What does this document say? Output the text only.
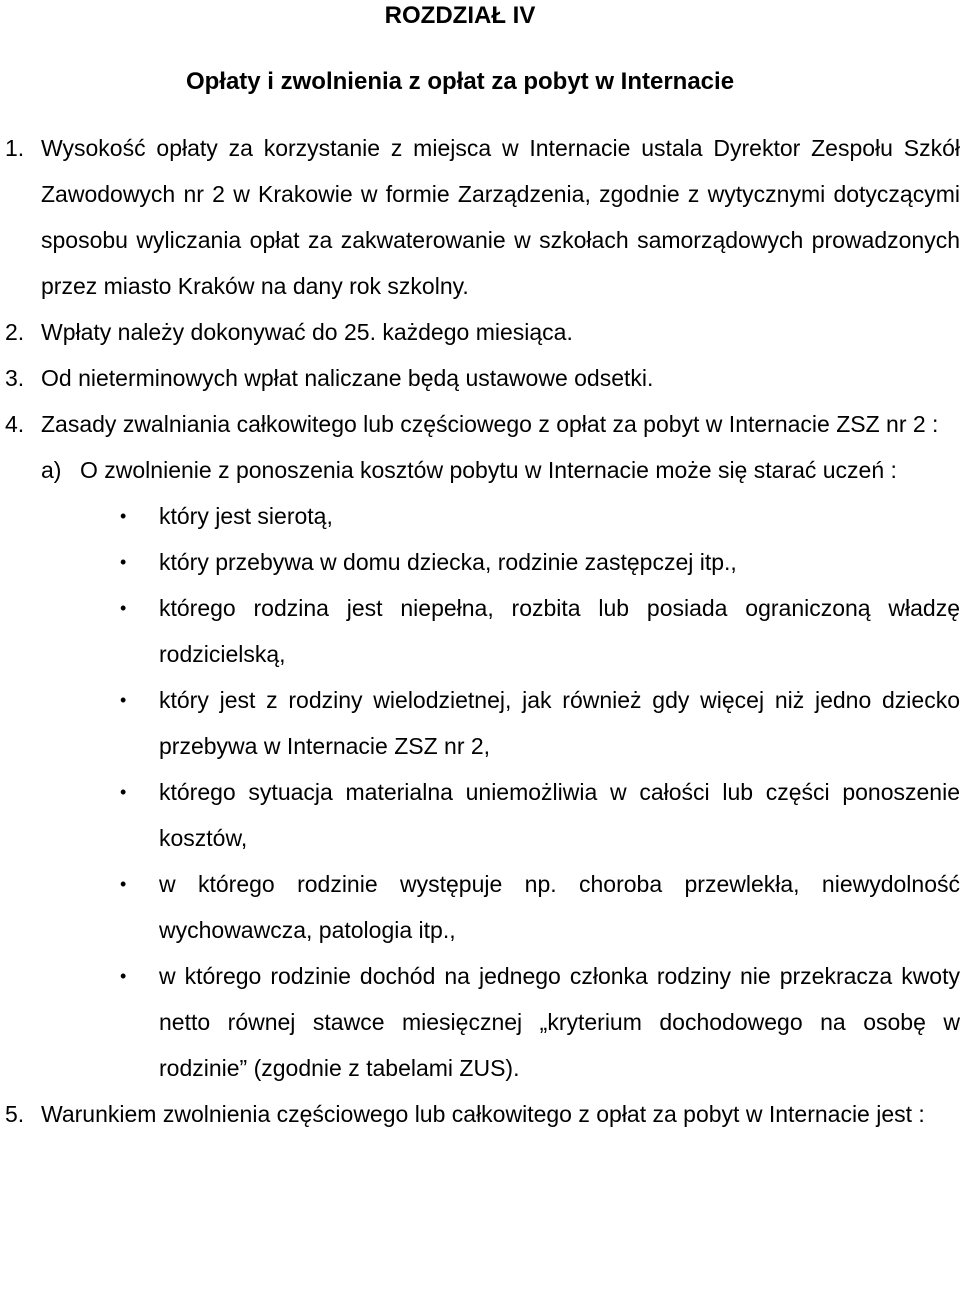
ROZDZIAŁ IV
Opłaty i zwolnienia z opłat za pobyt w Internacie

1. Wysokość opłaty za korzystanie z miejsca w Internacie ustala Dyrektor Zespołu Szkół Zawodowych nr 2 w Krakowie w formie Zarządzenia, zgodnie z wytycznymi dotyczącymi sposobu wyliczania opłat za zakwaterowanie w szkołach samorządowych prowadzonych przez miasto Kraków na dany rok szkolny.

2. Wpłaty należy dokonywać do 25. każdego miesiąca.

3. Od nieterminowych wpłat naliczane będą ustawowe odsetki.

4. Zasady zwalniania całkowitego lub częściowego z opłat za pobyt w Internacie ZSZ nr 2 :

a) O zwolnienie z ponoszenia kosztów pobytu w Internacie może się starać uczeń :
• który jest sierotą,
• który przebywa w domu dziecka, rodzinie zastępczej itp.,
• którego rodzina jest niepełna, rozbita lub posiada ograniczoną władzę rodzicielską,
• który jest z rodziny wielodzietnej, jak również gdy więcej niż jedno dziecko przebywa w Internacie ZSZ nr 2,
• którego sytuacja materialna uniemożliwia w całości lub części ponoszenie kosztów,
• w którego rodzinie występuje np. choroba przewlekła, niewydolność wychowawcza, patologia itp.,
• w którego rodzinie dochód na jednego członka rodziny nie przekracza kwoty netto równej stawce miesięcznej „kryterium dochodowego na osobę w rodzinie” (zgodnie z tabelami ZUS).

5. Warunkiem zwolnienia częściowego lub całkowitego z opłat za pobyt w Internacie jest :
